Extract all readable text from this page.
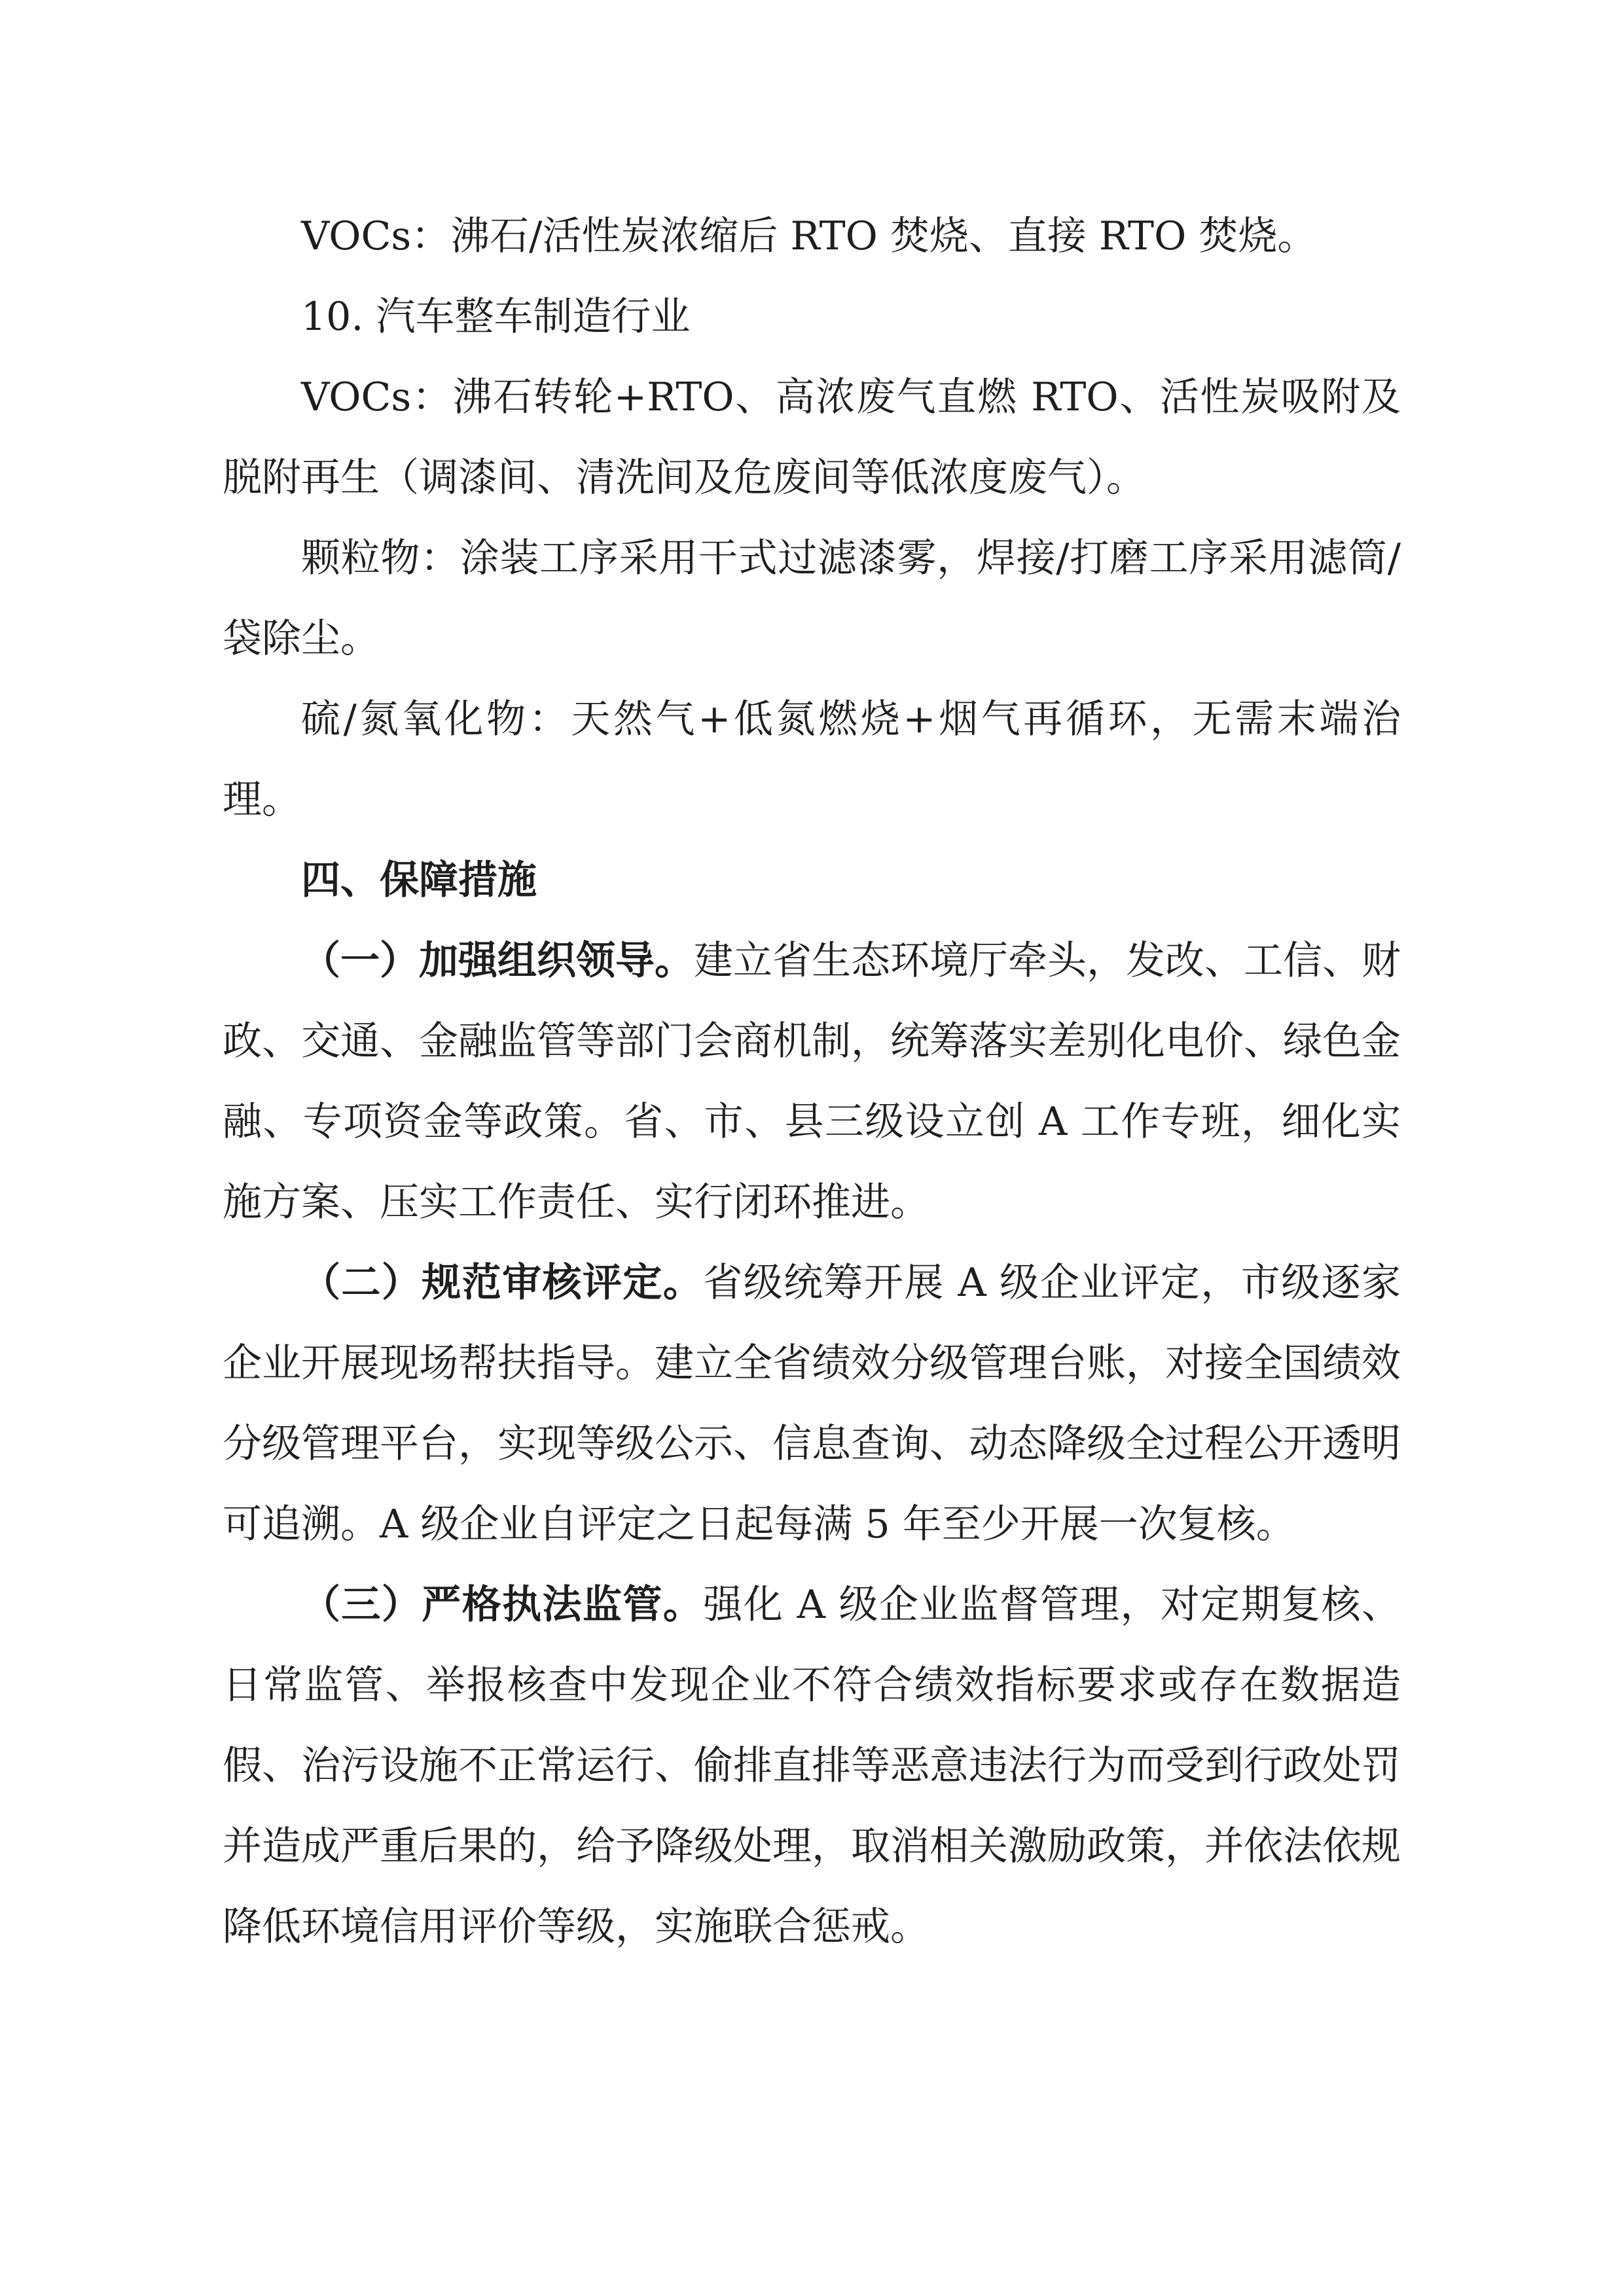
VOCs：沸石/活性炭浓缩后 RTO 焚烧、直接 RTO 焚烧。

10. 汽车整车制造行业

VOCs：沸石转轮+RTO、高浓废气直燃 RTO、活性炭吸附及脱附再生（调漆间、清洗间及危废间等低浓度废气）。

颗粒物：涂装工序采用干式过滤漆雾，焊接/打磨工序采用滤筒/袋除尘。

硫/氮氧化物：天然气+低氮燃烧+烟气再循环，无需末端治理。

四、保障措施

（一）加强组织领导。建立省生态环境厅牵头，发改、工信、财政、交通、金融监管等部门会商机制，统筹落实差别化电价、绿色金融、专项资金等政策。省、市、县三级设立创 A 工作专班，细化实施方案、压实工作责任、实行闭环推进。

（二）规范审核评定。省级统筹开展 A 级企业评定，市级逐家企业开展现场帮扶指导。建立全省绩效分级管理台账，对接全国绩效分级管理平台，实现等级公示、信息查询、动态降级全过程公开透明可追溯。A 级企业自评定之日起每满 5 年至少开展一次复核。

（三）严格执法监管。强化 A 级企业监督管理，对定期复核、日常监管、举报核查中发现企业不符合绩效指标要求或存在数据造假、治污设施不正常运行、偷排直排等恶意违法行为而受到行政处罚并造成严重后果的，给予降级处理，取消相关激励政策，并依法依规降低环境信用评价等级，实施联合惩戒。
